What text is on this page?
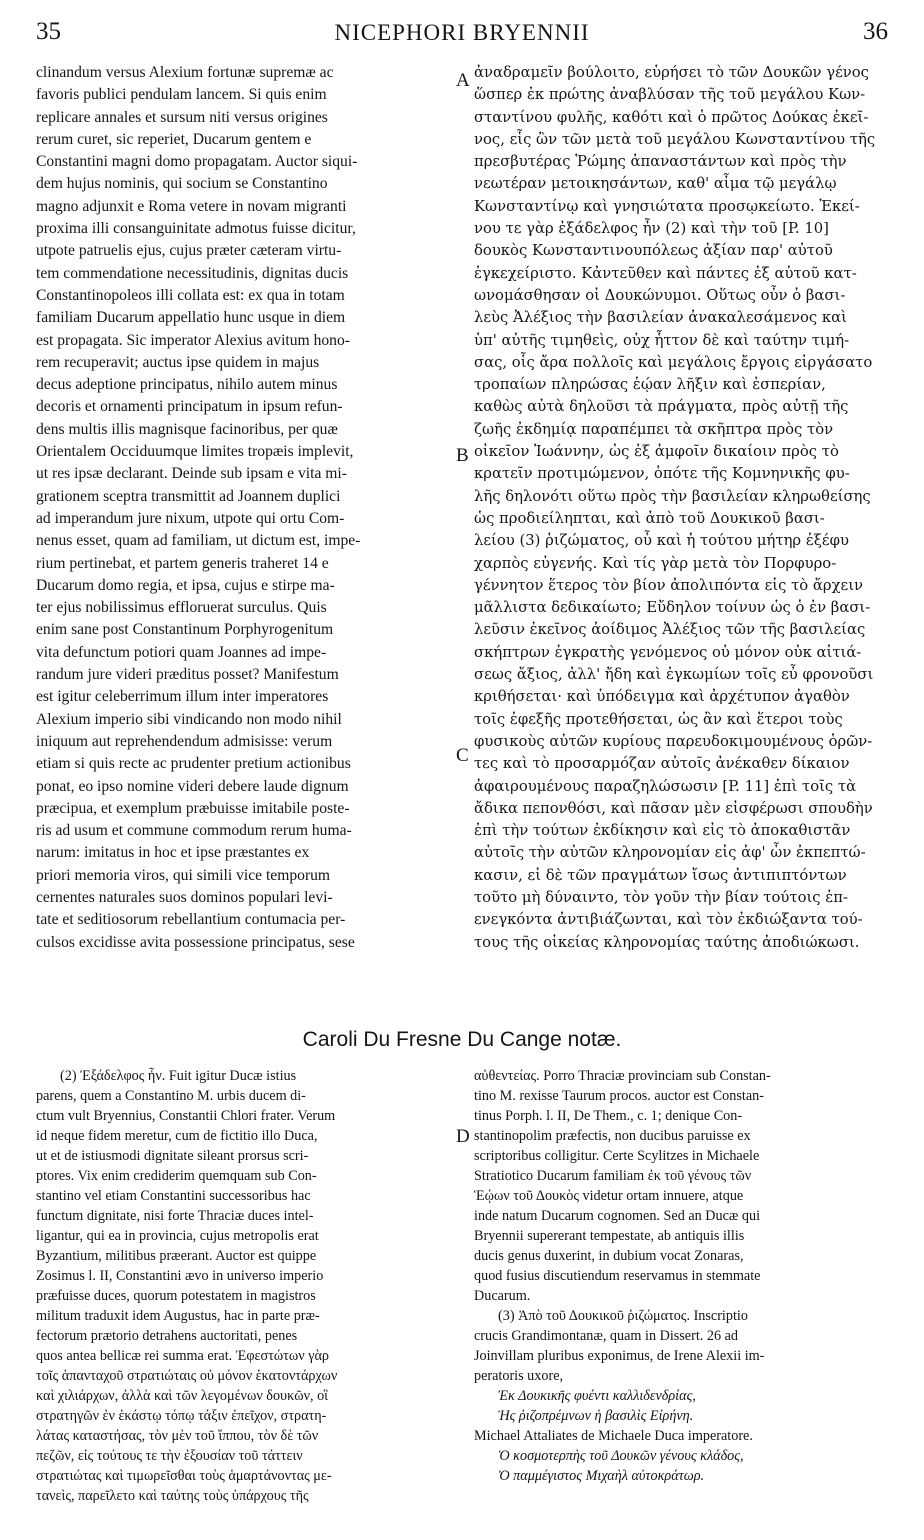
35	NICEPHORI BRYENNII	36
clinandum versus Alexium fortunæ supremæ ac
favoris publici pendulam lancem. Si quis enim
replicare annales et sursum niti versus origines
rerum curet, sic reperiet, Ducarum gentem e
Constantini magni domo propagatam. Auctor siqui-
dem hujus nominis, qui socium se Constantino
magno adjunxit e Roma vetere in novam migranti
proxima illi consanguinitate admotus fuisse dicitur,
utpote patruelis ejus, cujus præter cæteram virtu-
tem commendatione necessitudinis, dignitas ducis
Constantinopoleos illi collata est: ex qua in totam
familiam Ducarum appellatio hunc usque in diem
est propagata. Sic imperator Alexius avitum hono-
rem recuperavit; auctus ipse quidem in majus
decus adeptione principatus, nihilo autem minus
decoris et ornamenti principatum in ipsum refun-
dens multis illis magnisque facinoribus, per quæ
Orientalem Occiduumque limites tropæis implevit,
ut res ipsæ declarant. Deinde sub ipsam e vita mi-
grationem sceptra transmittit ad Joannem duplici
ad imperandum jure nixum, utpote qui ortu Com-
nenus esset, quam ad familiam, ut dictum est, impe-
rium pertinebat, et partem generis traheret 14 e
Ducarum domo regia, et ipsa, cujus e stirpe ma-
ter ejus nobilissimus effloruerat surculus. Quis
enim sane post Constantinum Porphyrogenitum
vita defunctum potiori quam Joannes ad impe-
randum jure videri præditus posset? Manifestum
est igitur celeberrimum illum inter imperatores
Alexium imperio sibi vindicando non modo nihil
iniquum aut reprehendendum admisisse: verum
etiam si quis recte ac prudenter pretium actionibus
ponat, eo ipso nomine videri debere laude dignum
præcipua, et exemplum præbuisse imitabile poste-
ris ad usum et commune commodum rerum huma-
narum: imitatus in hoc et ipse præstantes ex
priori memoria viros, qui simili vice temporum
cernentes naturales suos dominos populari levi-
tate et seditiosorum rebellantium contumacia per-
culsos excidisse avita possessione principatus, sese
ἀναδραμεῖν βούλοιτο, εὑρήσει τὸ τῶν Δουκῶν γένος
ὥσπερ ἐκ πρώτης ἀναβλύσαν τῆς τοῦ μεγάλου Κων-
σταντίνου φυλῆς, καθότι καὶ ὁ πρῶτος Δούκας ἐκεῖ-
νος, εἷς ὢν τῶν μετὰ τοῦ μεγάλου Κωνσταντίνου τῆς
πρεσβυτέρας Ῥώμης ἀπαναστάντων καὶ πρὸς τὴν
νεωτέραν μετοικησάντων, καθ' αἷμα τῷ μεγάλῳ
Κωνσταντίνῳ καὶ γνησιώτατα προσῳκείωτο. Ἐκεί-
νου τε γὰρ ἐξάδελφος ἦν (2) καὶ τὴν τοῦ [P. 10]
δουκὸς Κωνσταντινουπόλεως ἀξίαν παρ' αὐτοῦ
ἐγκεχείριστο. Κἀντεῦθεν καὶ πάντες ἐξ αὐτοῦ κατ-
ωνομάσθησαν οἱ Δουκώνυμοι. Οὕτως οὖν ὁ βασι-
λεὺς Ἀλέξιος τὴν βασιλείαν ἀνακαλεσάμενος καὶ
ὑπ' αὐτῆς τιμηθεὶς, οὐχ ἧττον δὲ καὶ ταύτην τιμή-
σας, οἷς ἄρα πολλοῖς καὶ μεγάλοις ἔργοις εἰργάσατο
τροπαίων πληρώσας ἑῴαν λῆξιν καὶ ἑσπερίαν,
καθὼς αὐτὰ δηλοῦσι τὰ πράγματα, πρὸς αὐτῇ τῆς
ζωῆς ἐκδημίᾳ παραπέμπει τὰ σκῆπτρα πρὸς τὸν
οἰκεῖον Ἰωάννην, ὡς ἐξ ἀμφοῖν δικαίοιν πρὸς τὸ
κρατεῖν προτιμώμενον, ὁπότε τῆς Κομνηνικῆς φυ-
λῆς δηλονότι οὕτω πρὸς τὴν βασιλείαν κληρωθείσης
ὡς προδιείληπται, καὶ ἀπὸ τοῦ Δουκικοῦ βασι-
λείου (3) ῥιζώματος, οὗ καὶ ἡ τούτου μήτηρ ἐξέφυ
χαρπὸς εὐγενής. Καὶ τίς γὰρ μετὰ τὸν Πορφυρο-
γέννητον ἕτερος τὸν βίον ἀπολιπόντα εἰς τὸ ἄρχειν
μᾶλλιστα δεδικαίωτο; Εὔδηλον τοίνυν ὡς ὁ ἐν βασι-
λεῦσιν ἐκεῖνος ἀοίδιμος Ἀλέξιος τῶν τῆς βασιλείας
σκήπτρων ἐγκρατὴς γενόμενος οὐ μόνον οὐκ αἰτιά-
σεως ἄξιος, ἀλλ' ἤδη καὶ ἐγκωμίων τοῖς εὖ φρονοῦσι
κριθήσεται· καὶ ὑπόδειγμα καὶ ἀρχέτυπον ἀγαθὸν
τοῖς ἐφεξῆς προτεθήσεται, ὡς ἂν καὶ ἕτεροι τοὺς
φυσικοὺς αὐτῶν κυρίους παρευδοκιμουμένους ὁρῶν-
τες καὶ τὸ προσαρμόζαν αὐτοῖς ἀνέκαθεν δίκαιον
ἀφαιρουμένους παραζηλώσωσιν [P. 11] ἐπὶ τοῖς τὰ
ἄδικα πεπονθόσι, καὶ πᾶσαν μὲν εἰσφέρωσι σπουδὴν
ἐπὶ τὴν τούτων ἐκδίκησιν καὶ εἰς τὸ ἀποκαθιστᾶν
αὐτοῖς τὴν αὐτῶν κληρονομίαν εἰς ἀφ' ὧν ἐκπεπτώ-
κασιν, εἰ δὲ τῶν πραγμάτων ἴσως ἀντιπιπτόντων
τοῦτο μὴ δύναιντο, τὸν γοῦν τὴν βίαν τούτοις ἐπ-
ενεγκόντα ἀντιβιάζωνται, καὶ τὸν ἐκδιώξαντα τού-
τους τῆς οἰκείας κληρονομίας ταύτης ἀποδιώκωσι.
A
B
C
D
Caroli Du Fresne Du Cange notæ.
(2) Ἐξάδελφος ἦν. Fuit igitur Ducæ istius
parens, quem a Constantino M. urbis ducem di-
ctum vult Bryennius, Constantii Chlori frater. Verum
id neque fidem meretur, cum de fictitio illo Duca,
ut et de istiusmodi dignitate sileant prorsus scri-
ptores. Vix enim crediderim quemquam sub Con-
stantino vel etiam Constantini successoribus hac
functum dignitate, nisi forte Thraciæ duces intel-
ligantur, qui ea in provincia, cujus metropolis erat
Byzantium, militibus præerant. Auctor est quippe
Zosimus l. II, Constantini ævo in universo imperio
præfuisse duces, quorum potestatem in magistros
militum traduxit idem Augustus, hac in parte præ-
fectorum prætorio detrahens auctoritati, penes
quos antea bellicæ rei summa erat. Ἐφεστώτων γὰρ
τοῖς ἁπανταχοῦ στρατιώταις οὐ μόνον ἑκατοντάρχων
καὶ χιλιάρχων, ἀλλὰ καὶ τῶν λεγομένων δουκῶν, οἳ
στρατηγῶν ἐν ἑκάστῳ τόπῳ τάξιν ἐπεῖχον, στρατη-
λάτας καταστήσας, τὸν μὲν τοῦ ἵππου, τὸν δὲ τῶν
πεζῶν, εἰς τούτους τε τὴν ἐξουσίαν τοῦ τάττειν
στρατιώτας καὶ τιμωρεῖσθαι τοὺς ἁμαρτάνοντας με-
τανεὶς, παρεῖλετο καὶ ταύτης τοὺς ὑπάρχους τῆς
αὐθεντείας. Porro Thraciæ provinciam sub Constan-
tino M. rexisse Taurum procos. auctor est Constan-
tinus Porph. l. II, De Them., c. 1; denique Con-
stantinopolim præfectis, non ducibus paruisse ex
scriptoribus colligitur. Certe Scylitzes in Michaele
Stratiotico Ducarum familiam ἐκ τοῦ γένους τῶν
Ἑῴων τοῦ Δουκὸς videtur ortam innuere, atque
inde natum Ducarum cognomen. Sed an Ducæ qui
Bryennii supererant tempestate, ab antiquis illis
ducis genus duxerint, in dubium vocat Zonaras,
quod fusius discutiendum reservamus in stemmate
Ducarum.
(3) Ἀπὸ τοῦ Δουκικοῦ ῥιζώματος. Inscriptio
crucis Grandimontanæ, quam in Dissert. 26 ad
Joinvillam pluribus exponimus, de Irene Alexii im-
peratoris uxore,
Ἐκ Δουκικῆς φυέντι καλλιδενδρίας,
Ἡς ῥιζοπρέμνων ἡ βασιλὶς Εἰρήνη.
Michael Attaliates de Michaele Duca imperatore.
Ὁ κοσμοτερπὴς τοῦ Δουκῶν γένους κλάδος,
Ὁ παμμέγιστος Μιχαὴλ αὐτοκράτωρ.
